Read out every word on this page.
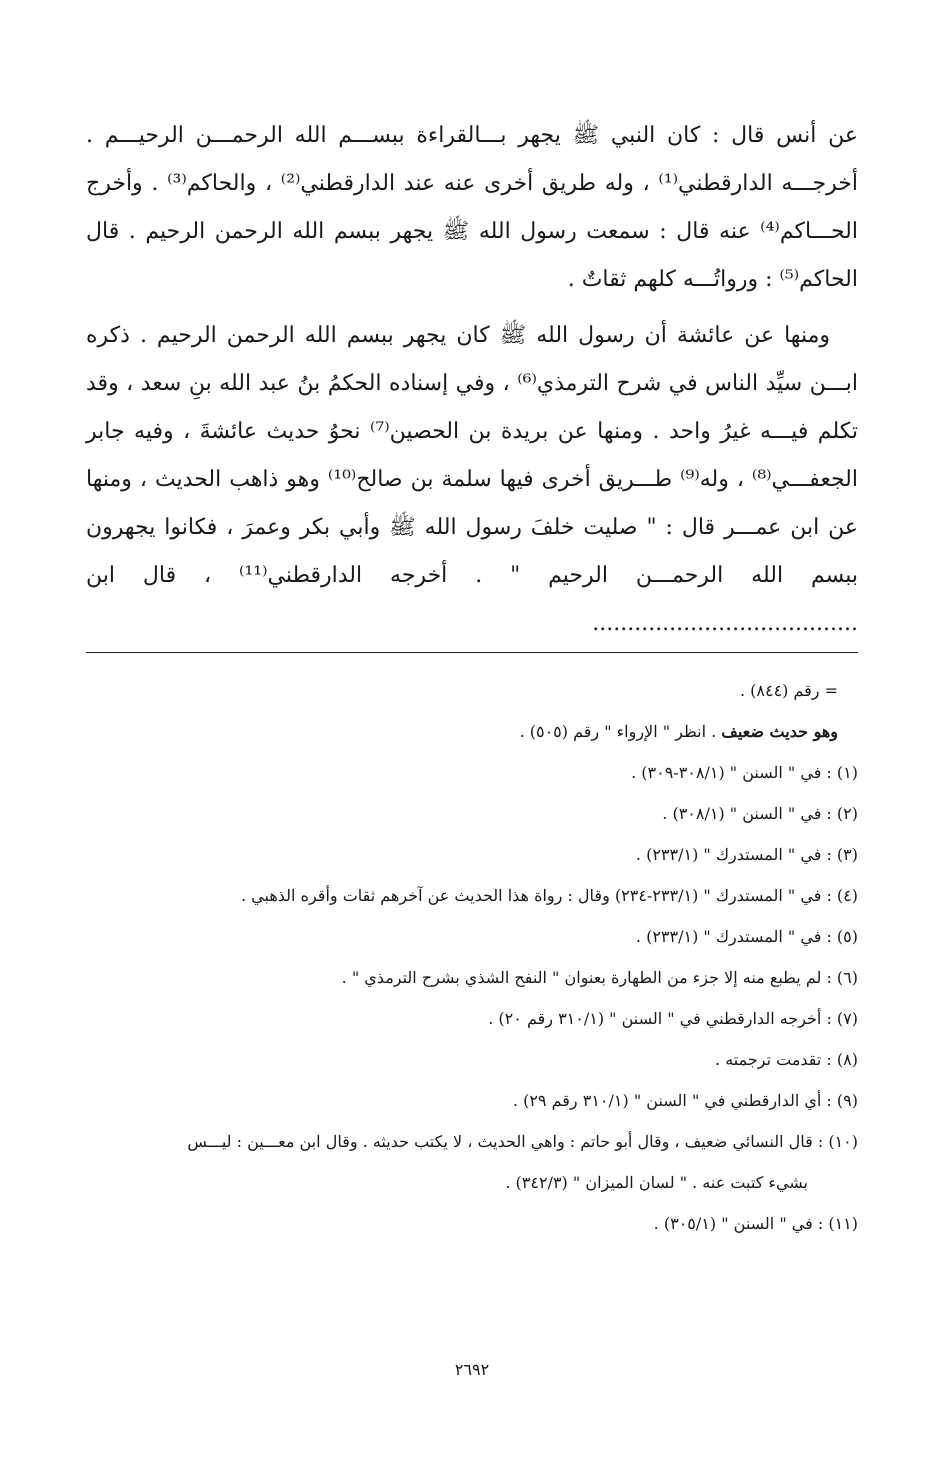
عن أنس قال : كان النبي ﷺ يجهر بـــالقراءة ببســـم الله الرحمـــن الرحيـــم . أخرجـــه الدارقطني⁽¹⁾ ، وله طريق أخرى عنه عند الدارقطني⁽²⁾ ، والحاكم⁽³⁾ . وأخرج الحـــاكم⁽⁴⁾ عنه قال : سمعت رسول الله ﷺ يجهر ببسم الله الرحمن الرحيم . قال الحاكم⁽⁵⁾ : ورواتُـــه كلهم ثقاتٌ .

ومنها عن عائشة أن رسول الله ﷺ كان يجهر ببسم الله الرحمن الرحيم . ذكره ابـــن سيِّد الناس في شرح الترمذي⁽⁶⁾ ، وفي إسناده الحكمُ بنُ عبد الله بنِ سعد ، وقد تكلم فيـــه غيرُ واحد . ومنها عن بريدة بن الحصين⁽⁷⁾ نحوُ حديث عائشةَ ، وفيه جابر الجعفـــي⁽⁸⁾ ، وله⁽⁹⁾ طـــريق أخرى فيها سلمة بن صالح⁽¹⁰⁾ وهو ذاهب الحديث ، ومنها عن ابن عمـــر قال : " صليت خلفَ رسول الله ﷺ وأبي بكر وعمرَ ، فكانوا يجهرون ببسم الله الرحمـــن الرحيم " . أخرجه الدارقطني⁽¹¹⁾ ، قال ابن ......................................

= رقم (٨٤٤) .

وهو حديث ضعيف . انظر " الإرواء " رقم (٥٠٥) .

(١) : في " السنن " (٣٠٨/١-٣٠٩) .

(٢) : في " السنن " (٣٠٨/١) .

(٣) : في " المستدرك " (٢٣٣/١) .

(٤) : في " المستدرك " (٢٣٣/١-٢٣٤) وقال : رواة هذا الحديث عن آخرهم ثقات وأقره الذهبي .

(٥) : في " المستدرك " (٢٣٣/١) .

(٦) : لم يطبع منه إلا جزء من الطهارة بعنوان " النفح الشذي بشرح الترمذي " .

(٧) : أخرجه الدارقطني في " السنن " (٣١٠/١ رقم ٢٠) .

(٨) : تقدمت ترجمته .

(٩) : أي الدارقطني في " السنن " (٣١٠/١ رقم ٢٩) .

(١٠) : قال النسائي ضعيف ، وقال أبو حاتم : واهي الحديث ، لا يكتب حديثه . وقال ابن معـــين : ليـــس

بشيء كتبت عنه . " لسان الميزان " (٣٤٢/٣) .

(١١) : في " السنن " (٣٠٥/١) .

٢٦٩٢
